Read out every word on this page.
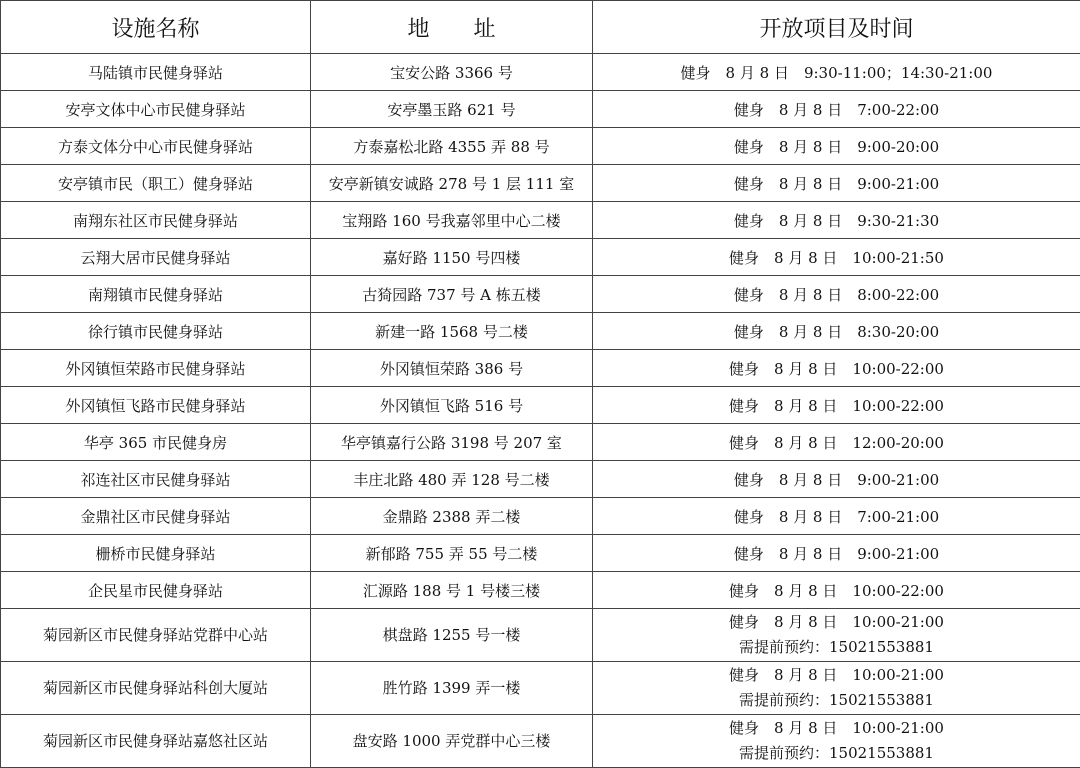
设施名称	地　　址	开放项目及时间
马陆镇市民健身驿站	宝安公路 3366 号	健身　8 月 8 日　9:30-11:00；14:30-21:00
安亭文体中心市民健身驿站	安亭墨玉路 621 号	健身　8 月 8 日　7:00-22:00
方泰文体分中心市民健身驿站	方泰嘉松北路 4355 弄 88 号	健身　8 月 8 日　9:00-20:00
安亭镇市民（职工）健身驿站	安亭新镇安诚路 278 号 1 层 111 室	健身　8 月 8 日　9:00-21:00
南翔东社区市民健身驿站	宝翔路 160 号我嘉邻里中心二楼	健身　8 月 8 日　9:30-21:30
云翔大居市民健身驿站	嘉好路 1150 号四楼	健身　8 月 8 日　10:00-21:50
南翔镇市民健身驿站	古猗园路 737 号 A 栋五楼	健身　8 月 8 日　8:00-22:00
徐行镇市民健身驿站	新建一路 1568 号二楼	健身　8 月 8 日　8:30-20:00
外冈镇恒荣路市民健身驿站	外冈镇恒荣路 386 号	健身　8 月 8 日　10:00-22:00
外冈镇恒飞路市民健身驿站	外冈镇恒飞路 516 号	健身　8 月 8 日　10:00-22:00
华亭 365 市民健身房	华亭镇嘉行公路 3198 号 207 室	健身　8 月 8 日　12:00-20:00
祁连社区市民健身驿站	丰庄北路 480 弄 128 号二楼	健身　8 月 8 日　9:00-21:00
金鼎社区市民健身驿站	金鼎路 2388 弄二楼	健身　8 月 8 日　7:00-21:00
栅桥市民健身驿站	新郁路 755 弄 55 号二楼	健身　8 月 8 日　9:00-21:00
企民星市民健身驿站	汇源路 188 号 1 号楼三楼	健身　8 月 8 日　10:00-22:00
菊园新区市民健身驿站党群中心站	棋盘路 1255 号一楼	健身　8 月 8 日　10:00-21:00
需提前预约：15021553881

菊园新区市民健身驿站科创大厦站	胜竹路 1399 弄一楼	健身　8 月 8 日　10:00-21:00
需提前预约：15021553881

菊园新区市民健身驿站嘉悠社区站	盘安路 1000 弄党群中心三楼	健身　8 月 8 日　10:00-21:00
需提前预约：15021553881
